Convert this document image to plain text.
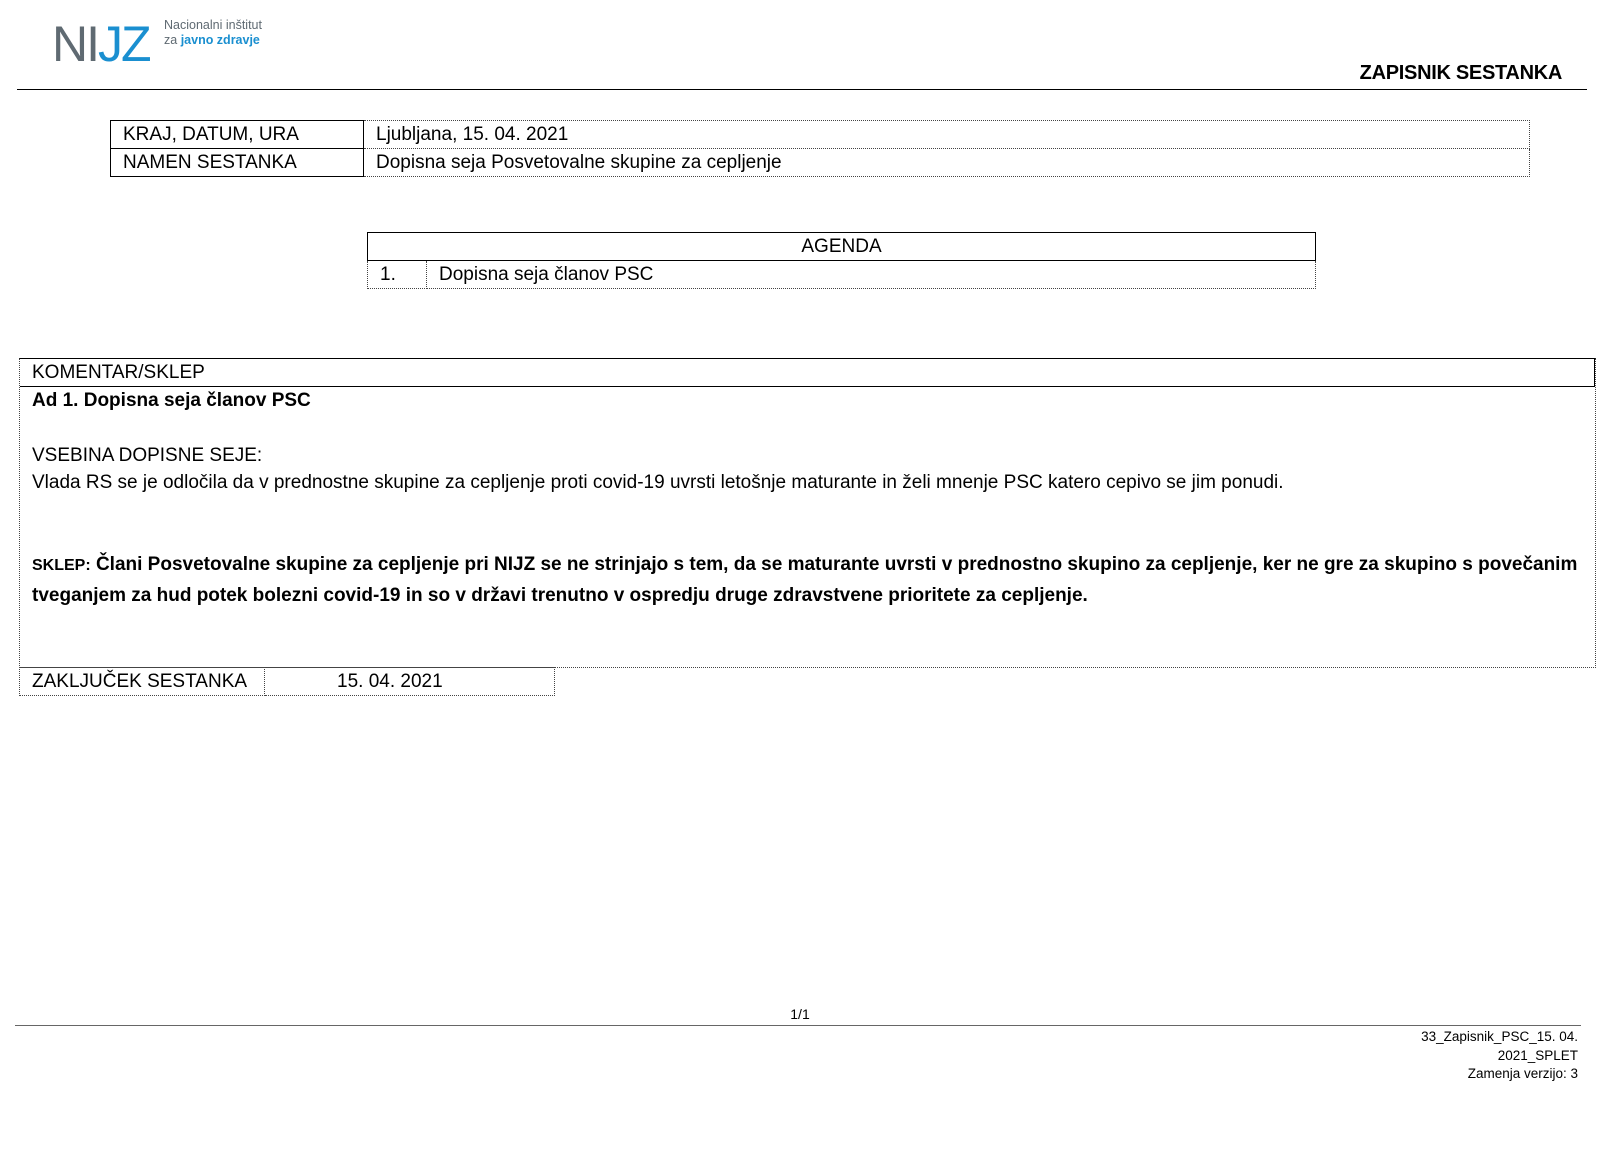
NIJZ Nacionalni inštitut
za javno zdravje
ZAPISNIK SESTANKA
KRAJ, DATUM, URA	Ljubljana, 15. 04. 2021
NAMEN SESTANKA	Dopisna seja Posvetovalne skupine za cepljenje
AGENDA
1.	Dopisna seja članov PSC
KOMENTAR/SKLEP

Ad 1. Dopisna seja članov PSC

VSEBINA DOPISNE SEJE:

Vlada RS se je odločila da v prednostne skupine za cepljenje proti covid-19 uvrsti letošnje maturante in želi mnenje PSC katero cepivo se jim ponudi.

SKLEP: Člani Posvetovalne skupine za cepljenje pri NIJZ se ne strinjajo s tem, da se maturante uvrsti v prednostno skupino za cepljenje, ker ne gre za skupino s povečanim
tveganjem za hud potek bolezni covid-19 in so v državi trenutno v ospredju druge zdravstvene prioritete za cepljenje.
ZAKLJUČEK SESTANKA	15. 04. 2021
1/1
33_Zapisnik_PSC_15. 04.
2021_SPLET
Zamenja verzijo: 3
